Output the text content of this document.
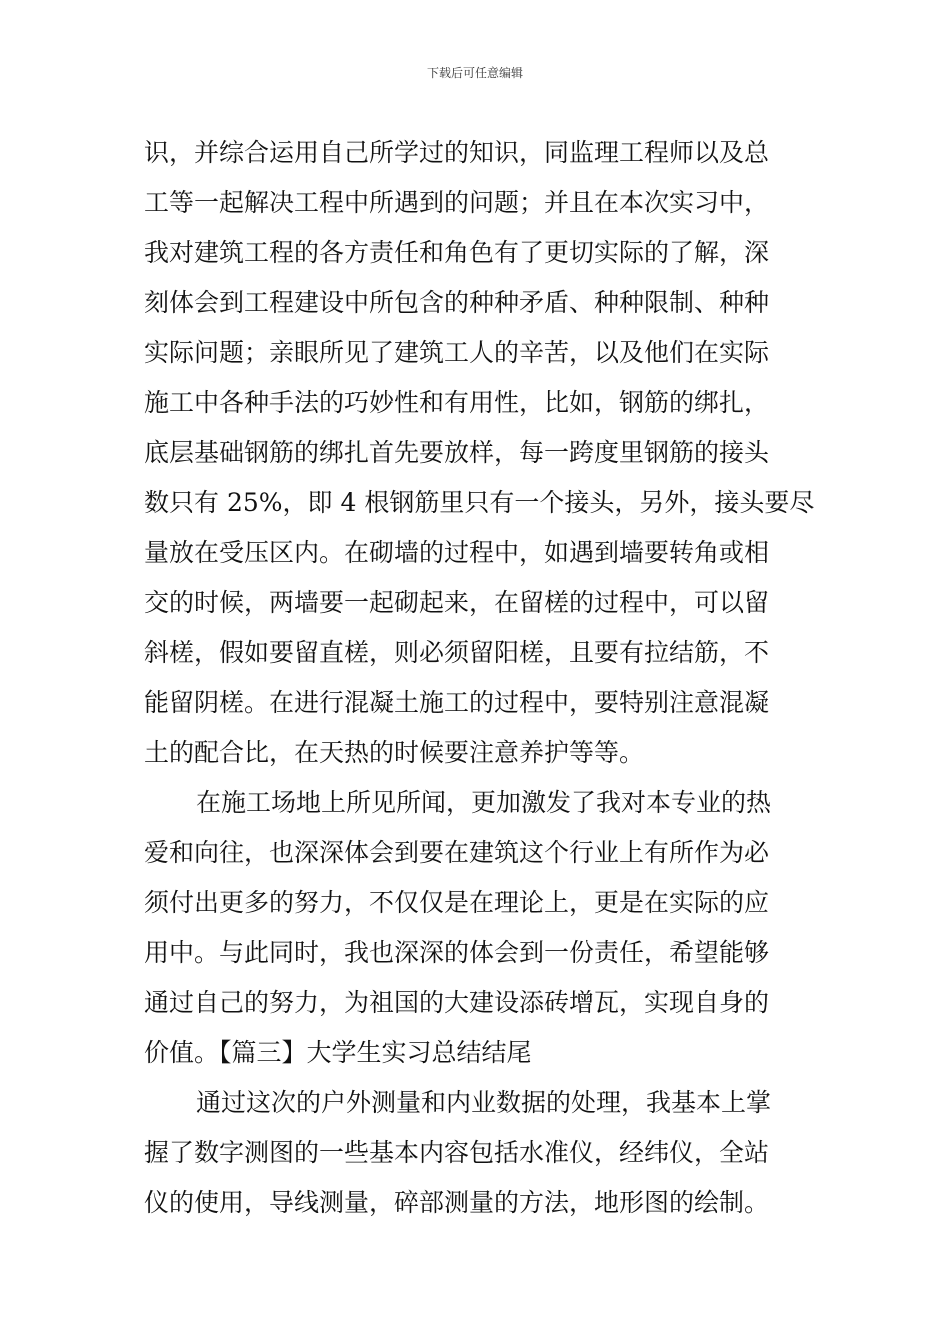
下载后可任意编辑
识，并综合运用自己所学过的知识，同监理工程师以及总
工等一起解决工程中所遇到的问题；并且在本次实习中，
我对建筑工程的各方责任和角色有了更切实际的了解，深
刻体会到工程建设中所包含的种种矛盾、种种限制、种种
实际问题；亲眼所见了建筑工人的辛苦，以及他们在实际
施工中各种手法的巧妙性和有用性，比如，钢筋的绑扎，
底层基础钢筋的绑扎首先要放样，每一跨度里钢筋的接头
数只有 25%，即 4 根钢筋里只有一个接头，另外，接头要尽
量放在受压区内。在砌墙的过程中，如遇到墙要转角或相
交的时候，两墙要一起砌起来，在留槎的过程中，可以留
斜槎，假如要留直槎，则必须留阳槎，且要有拉结筋，不
能留阴槎。在进行混凝土施工的过程中，要特别注意混凝
土的配合比，在天热的时候要注意养护等等。
在施工场地上所见所闻，更加激发了我对本专业的热
爱和向往，也深深体会到要在建筑这个行业上有所作为必
须付出更多的努力，不仅仅是在理论上，更是在实际的应
用中。与此同时，我也深深的体会到一份责任，希望能够
通过自己的努力，为祖国的大建设添砖增瓦，实现自身的
价值。【篇三】大学生实习总结结尾
通过这次的户外测量和内业数据的处理，我基本上掌
握了数字测图的一些基本内容包括水准仪，经纬仪，全站
仪的使用，导线测量，碎部测量的方法，地形图的绘制。
